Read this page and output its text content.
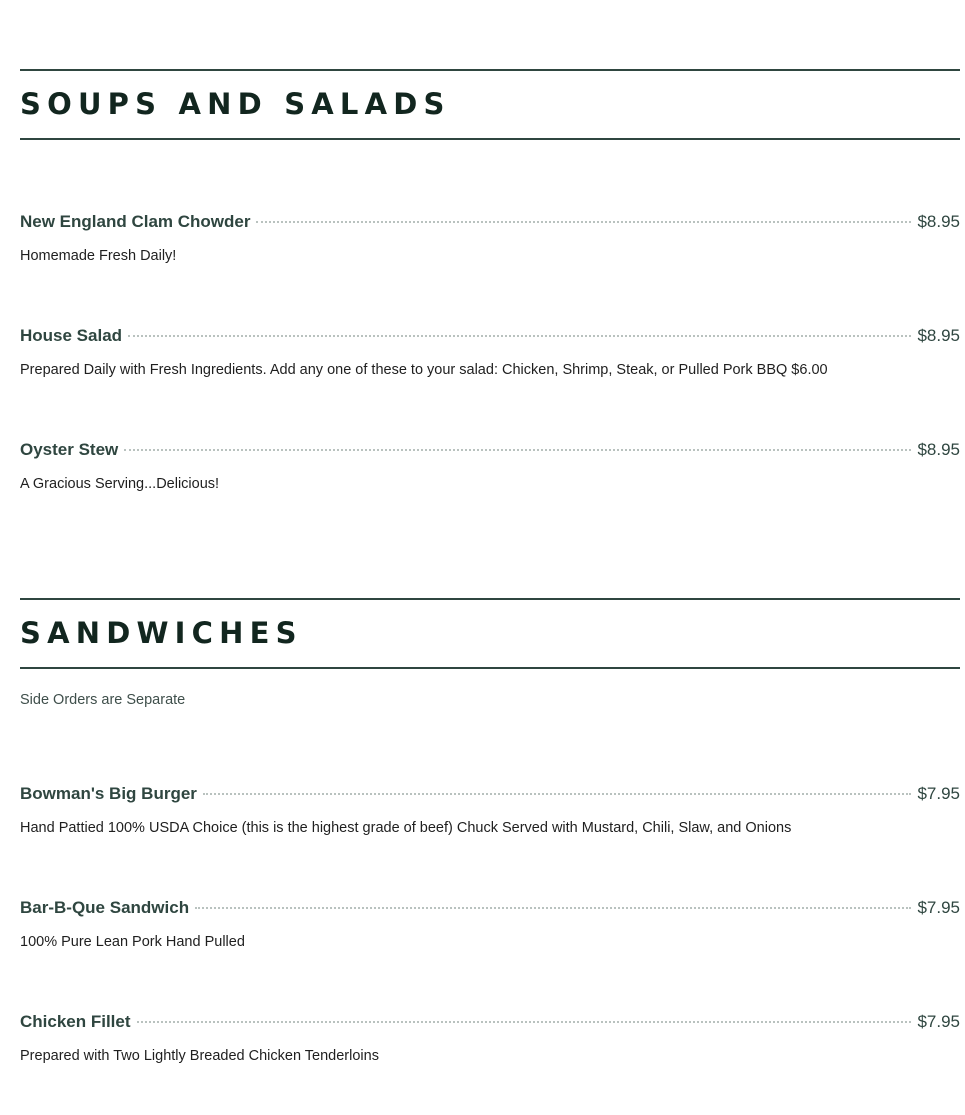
SOUPS AND SALADS
New England Clam Chowder	$8.95
Homemade Fresh Daily!
House Salad	$8.95
Prepared Daily with Fresh Ingredients. Add any one of these to your salad: Chicken, Shrimp, Steak, or Pulled Pork BBQ $6.00
Oyster Stew	$8.95
A Gracious Serving...Delicious!
SANDWICHES
Side Orders are Separate
Bowman's Big Burger	$7.95
Hand Pattied 100% USDA Choice (this is the highest grade of beef) Chuck Served with Mustard, Chili, Slaw, and Onions
Bar-B-Que Sandwich	$7.95
100% Pure Lean Pork Hand Pulled
Chicken Fillet	$7.95
Prepared with Two Lightly Breaded Chicken Tenderloins
